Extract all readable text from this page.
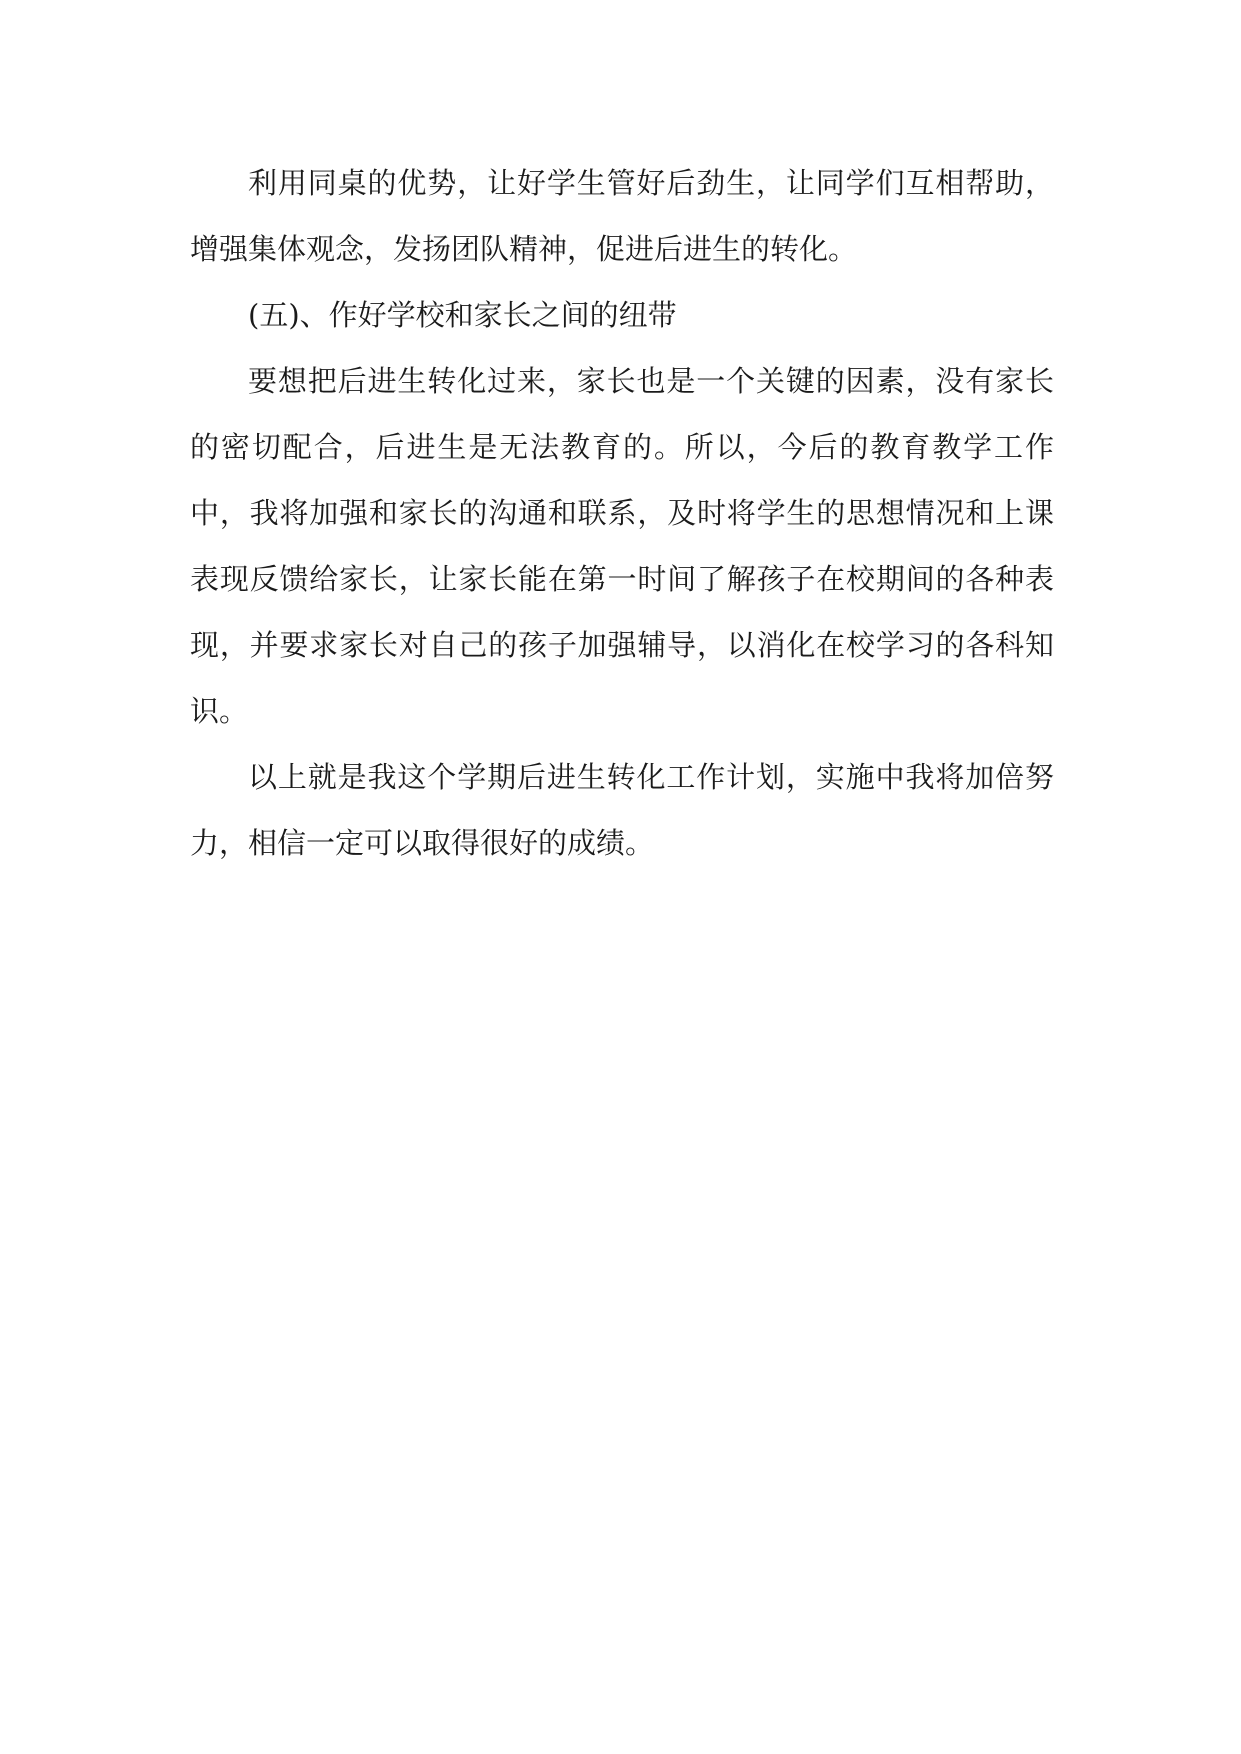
利用同桌的优势，让好学生管好后劲生，让同学们互相帮助，增强集体观念，发扬团队精神，促进后进生的转化。

(五)、作好学校和家长之间的纽带

要想把后进生转化过来，家长也是一个关键的因素，没有家长的密切配合，后进生是无法教育的。所以，今后的教育教学工作中，我将加强和家长的沟通和联系，及时将学生的思想情况和上课表现反馈给家长，让家长能在第一时间了解孩子在校期间的各种表现，并要求家长对自己的孩子加强辅导，以消化在校学习的各科知识。

以上就是我这个学期后进生转化工作计划，实施中我将加倍努力，相信一定可以取得很好的成绩。
